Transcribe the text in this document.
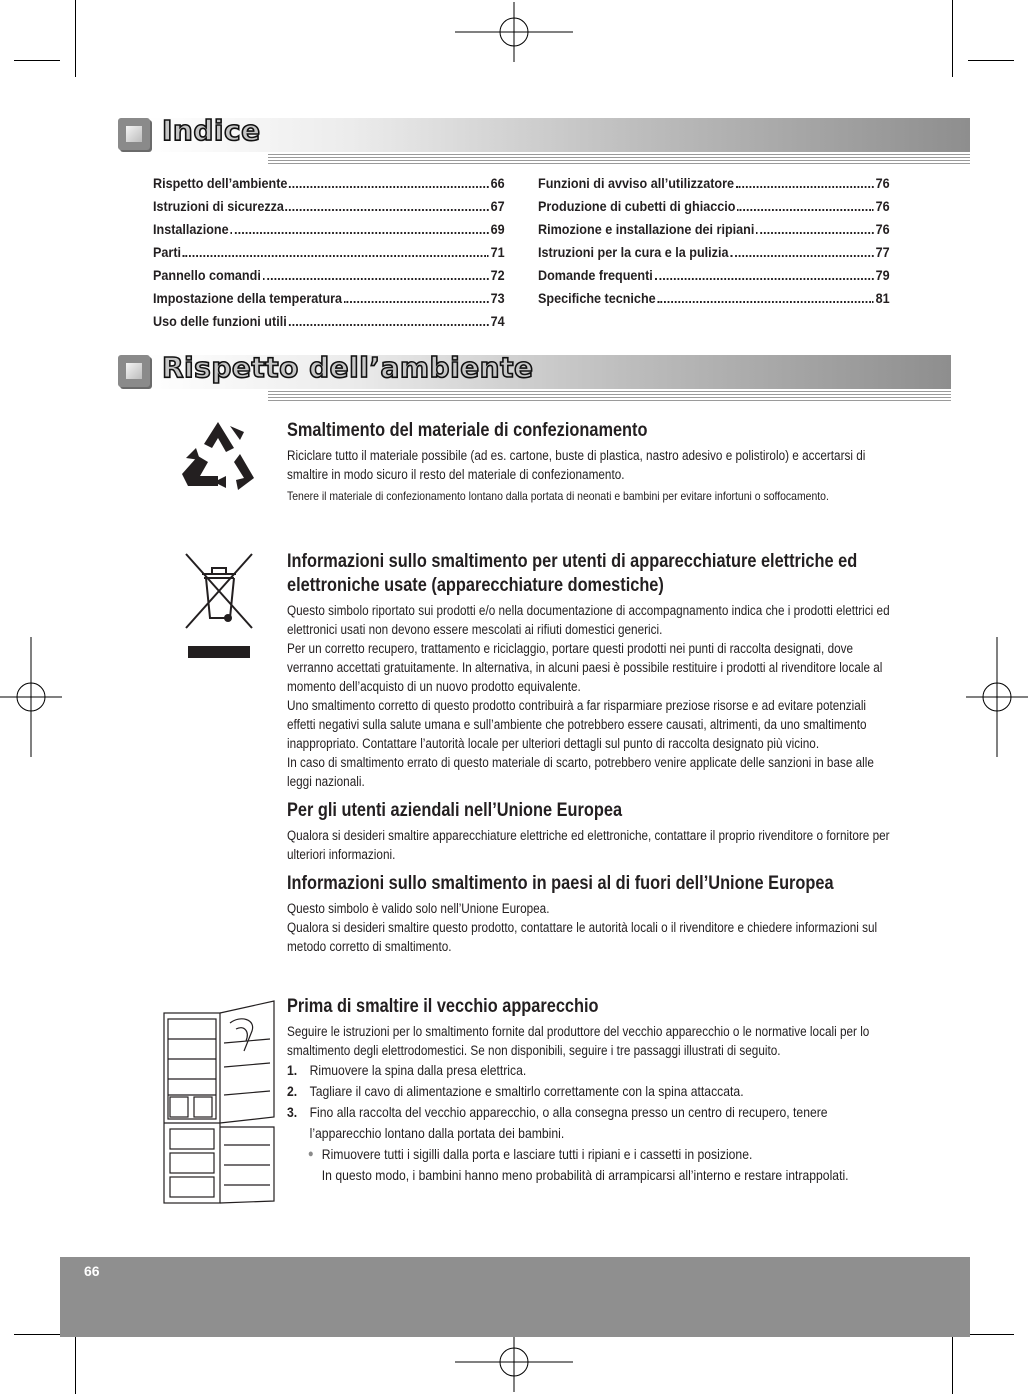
Indice
Rispetto dell’ambiente	66
Istruzioni di sicurezza	67
Installazione	69
Parti	71
Pannello comandi	72
Impostazione della temperatura	73
Uso delle funzioni utili	74
Funzioni di avviso all’utilizzatore	76
Produzione di cubetti di ghiaccio	76
Rimozione e installazione dei ripiani	76
Istruzioni per la cura e la pulizia	77
Domande frequenti	79
Specifiche tecniche	81
Rispetto dell’ambiente
Smaltimento del materiale di confezionamento

Riciclare tutto il materiale possibile (ad es. cartone, buste di plastica, nastro adesivo e polistirolo) e accertarsi di smaltire in modo sicuro il resto del materiale di confezionamento.

Tenere il materiale di confezionamento lontano dalla portata di neonati e bambini per evitare infortuni o soffocamento.

Informazioni sullo smaltimento per utenti di apparecchiature elettriche ed elettroniche usate (apparecchiature domestiche)

Questo simbolo riportato sui prodotti e/o nella documentazione di accompagnamento indica che i prodotti elettrici ed elettronici usati non devono essere mescolati ai rifiuti domestici generici.

Per un corretto recupero, trattamento e riciclaggio, portare questi prodotti nei punti di raccolta designati, dove verranno accettati gratuitamente. In alternativa, in alcuni paesi è possibile restituire i prodotti al rivenditore locale al momento dell’acquisto di un nuovo prodotto equivalente.

Uno smaltimento corretto di questo prodotto contribuirà a far risparmiare preziose risorse e ad evitare potenziali effetti negativi sulla salute umana e sull’ambiente che potrebbero essere causati, altrimenti, da uno smaltimento inappropriato. Contattare l’autorità locale per ulteriori dettagli sul punto di raccolta designato più vicino.

In caso di smaltimento errato di questo materiale di scarto, potrebbero venire applicate delle sanzioni in base alle leggi nazionali.

Per gli utenti aziendali nell’Unione Europea

Qualora si desideri smaltire apparecchiature elettriche ed elettroniche, contattare il proprio rivenditore o fornitore per ulteriori informazioni.

Informazioni sullo smaltimento in paesi al di fuori dell’Unione Europea

Questo simbolo è valido solo nell’Unione Europea.

Qualora si desideri smaltire questo prodotto, contattare le autorità locali o il rivenditore e chiedere informazioni sul metodo corretto di smaltimento.

Prima di smaltire il vecchio apparecchio

Seguire le istruzioni per lo smaltimento fornite dal produttore del vecchio apparecchio o le normative locali per lo smaltimento degli elettrodomestici. Se non disponibili, seguire i tre passaggi illustrati di seguito.

1. Rimuovere la spina dalla presa elettrica.
2. Tagliare il cavo di alimentazione e smaltirlo correttamente con la spina attaccata.
3. Fino alla raccolta del vecchio apparecchio, o alla consegna presso un centro di recupero, tenere l’apparecchio lontano dalla portata dei bambini.
● Rimuovere tutti i sigilli dalla porta e lasciare tutti i ripiani e i cassetti in posizione.
In questo modo, i bambini hanno meno probabilità di arrampicarsi all’interno e restare intrappolati.
66
